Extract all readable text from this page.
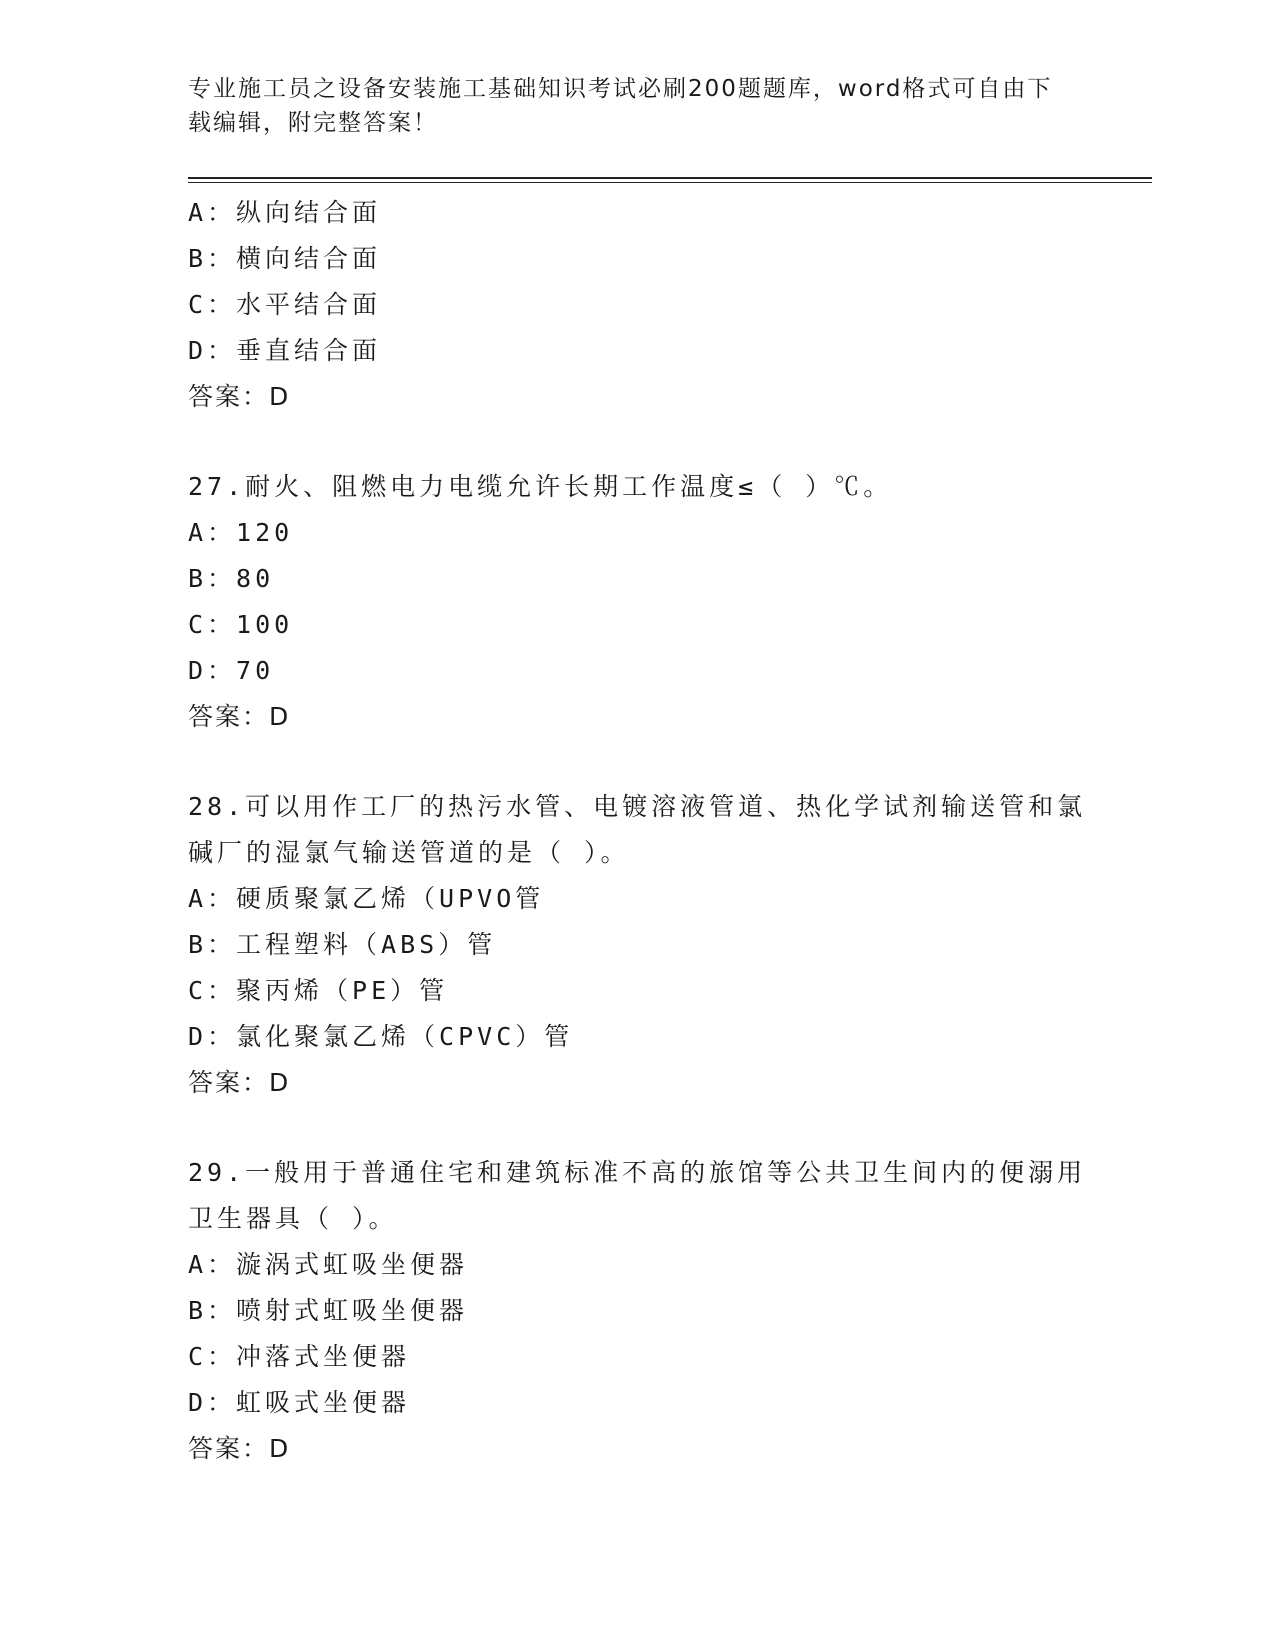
专业施工员之设备安装施工基础知识考试必刷200题题库，word格式可自由下载编辑，附完整答案！
A：纵向结合面
B：横向结合面
C：水平结合面
D：垂直结合面
答案：D
27.耐火、阻燃电力电缆允许长期工作温度≤（ ）℃。
A：120
B：80
C：100
D：70
答案：D
28.可以用作工厂的热污水管、电镀溶液管道、热化学试剂输送管和氯碱厂的湿氯气输送管道的是（ ）。
A：硬质聚氯乙烯（UPVO管
B：工程塑料（ABS）管
C：聚丙烯（PE）管
D：氯化聚氯乙烯（CPVC）管
答案：D
29.一般用于普通住宅和建筑标准不高的旅馆等公共卫生间内的便溺用卫生器具（ ）。
A：漩涡式虹吸坐便器
B：喷射式虹吸坐便器
C：冲落式坐便器
D：虹吸式坐便器
答案：D
